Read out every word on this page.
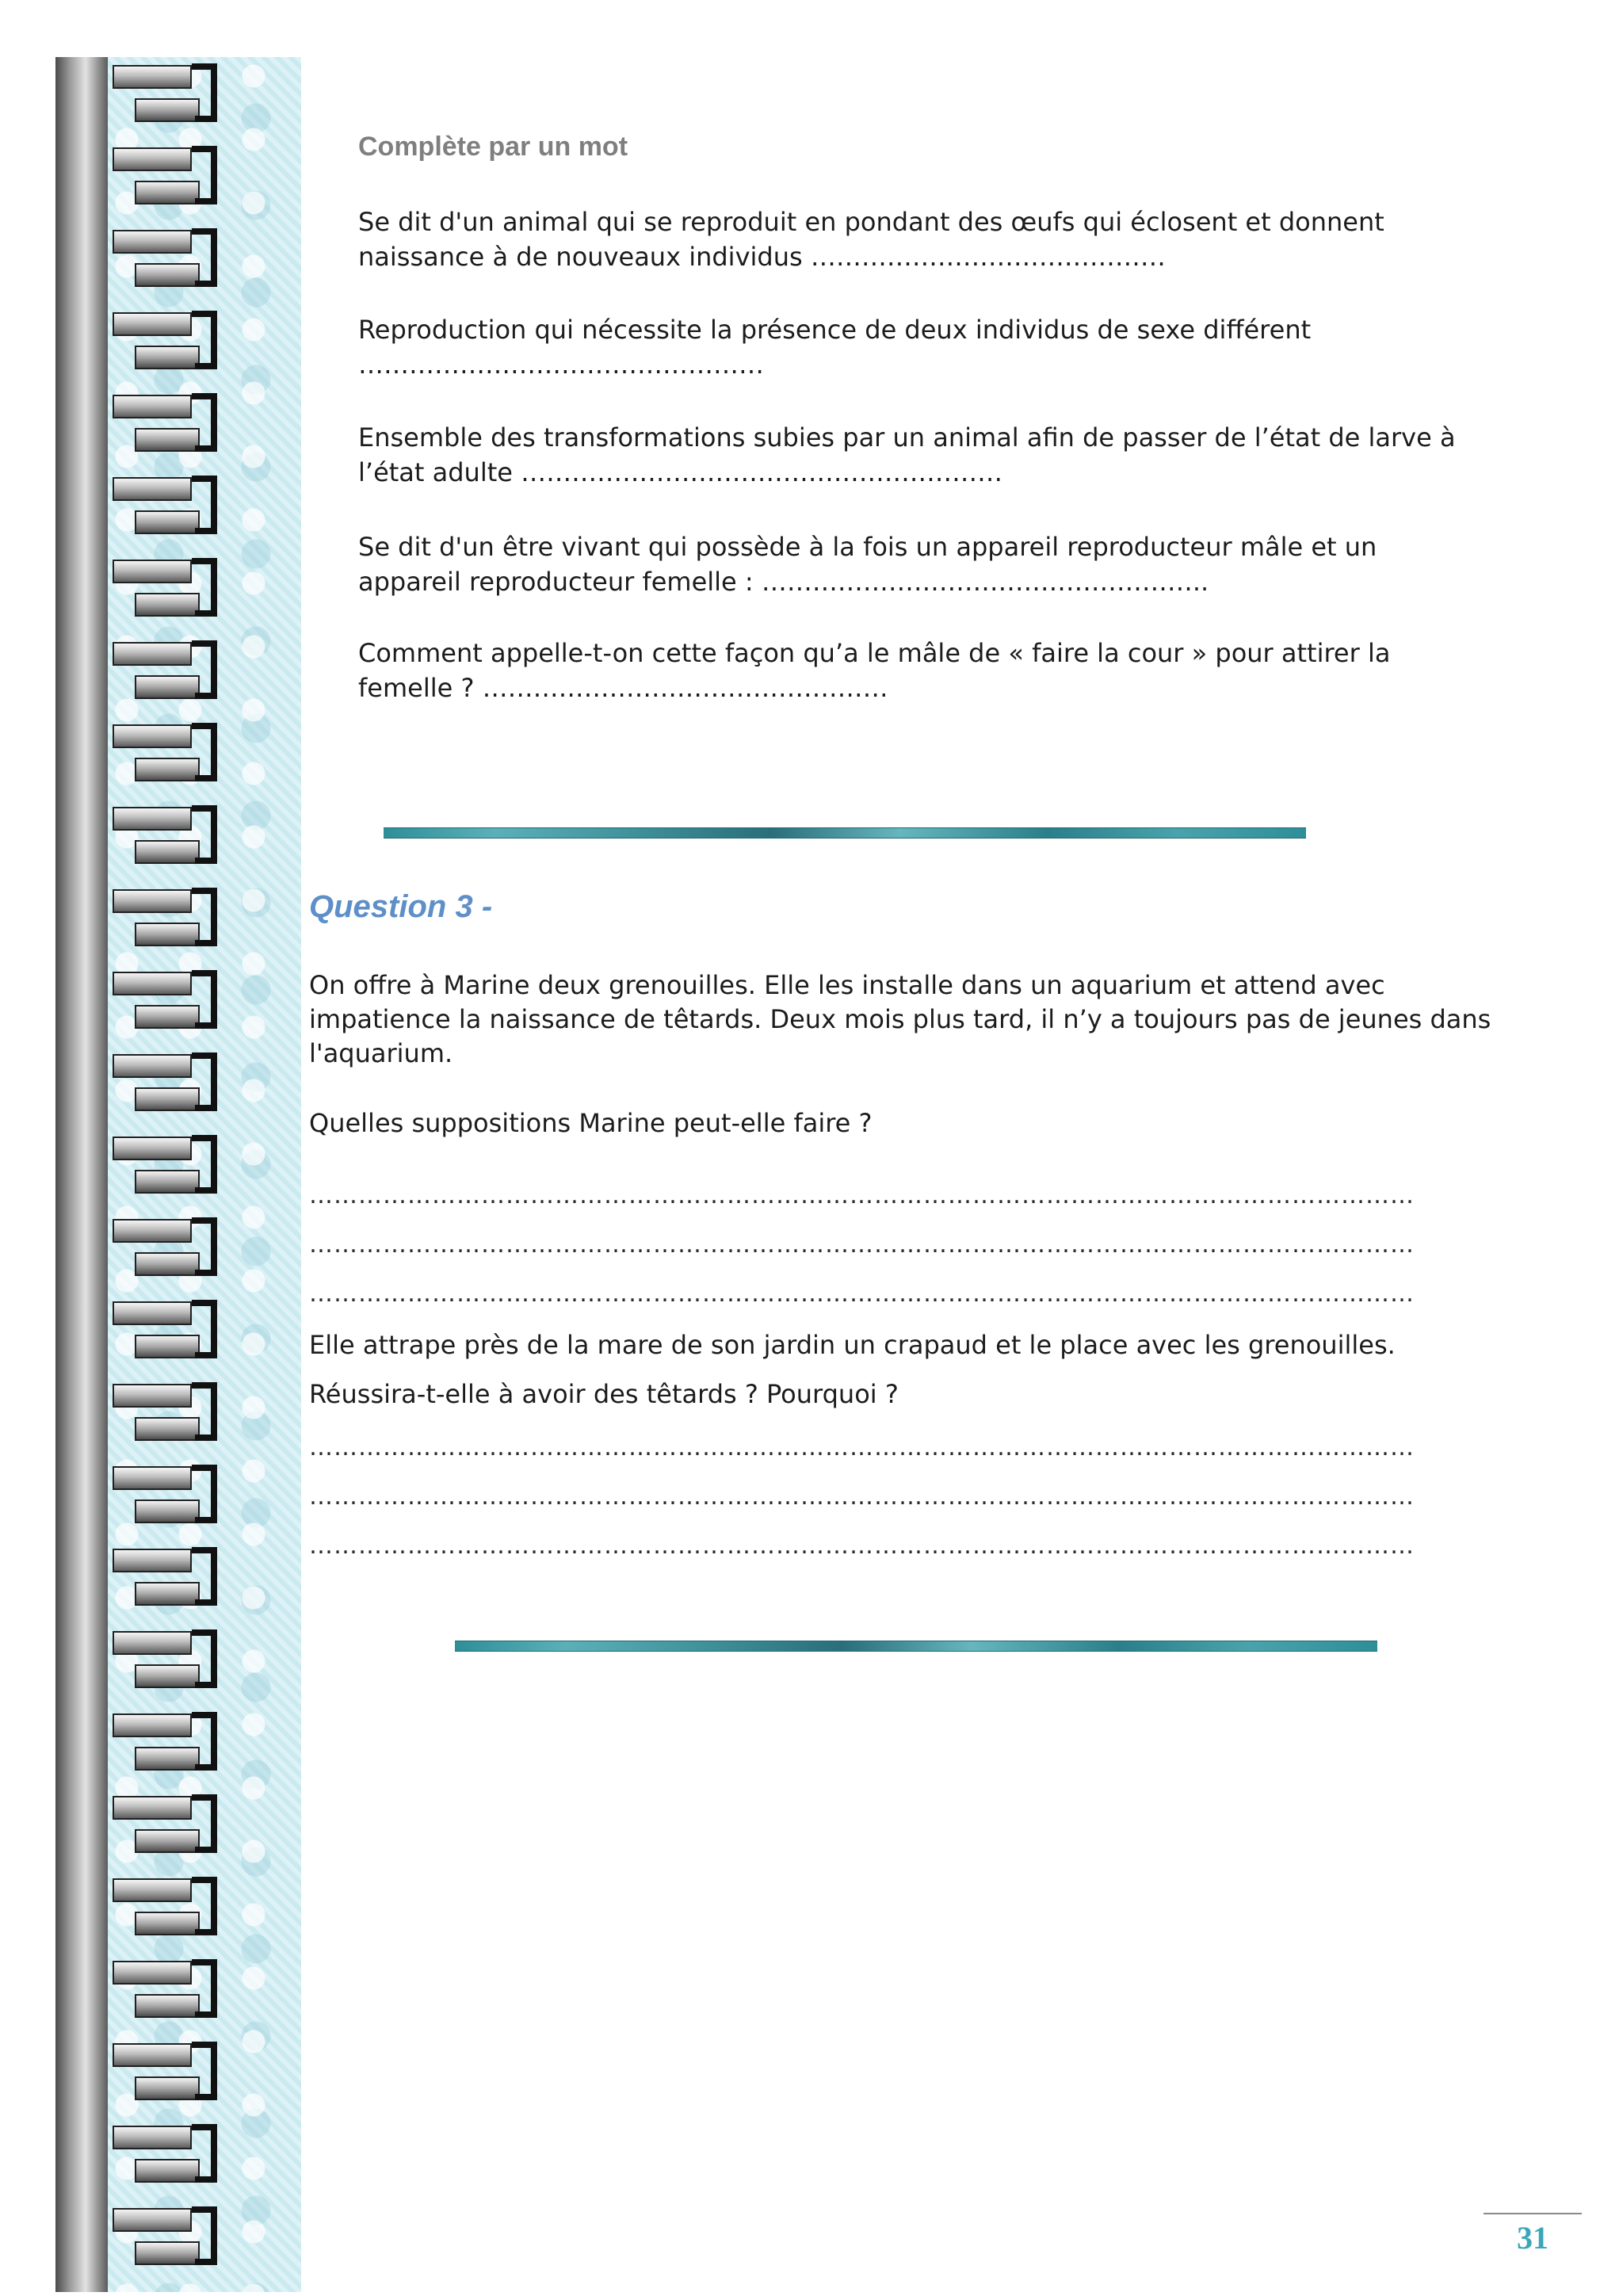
Complète par un mot
Se dit d'un animal qui se reproduit en pondant des œufs qui éclosent et donnent
naissance à de nouveaux individus ……………………………………
Reproduction qui nécessite la présence de deux individus de sexe différent
…………………………………………
Ensemble des transformations subies par un animal afin de passer de l’état de larve à
l’état adulte …………………………………………………
Se dit d'un être vivant qui possède à la fois un appareil reproducteur mâle et un
appareil reproducteur femelle : ……………………………………………..
Comment appelle-t-on cette façon qu’a le mâle de « faire la cour » pour attirer la
femelle ? …………………………………………
Question 3 -
On offre à Marine deux grenouilles. Elle les installe dans un aquarium et attend avec
impatience la naissance de têtards. Deux mois plus tard, il n’y a toujours pas de jeunes dans
l'aquarium.
Quelles suppositions Marine peut-elle faire ?
………………………………………………………………………………………………………………………
………………………………………………………………………………………………………………………
………………………………………………………………………………………………………………………
Elle attrape près de la mare de son jardin un crapaud et le place avec les grenouilles.
Réussira-t-elle à avoir des têtards ? Pourquoi ?
………………………………………………………………………………………………………………………
………………………………………………………………………………………………………………………
………………………………………………………………………………………………………………………
31
